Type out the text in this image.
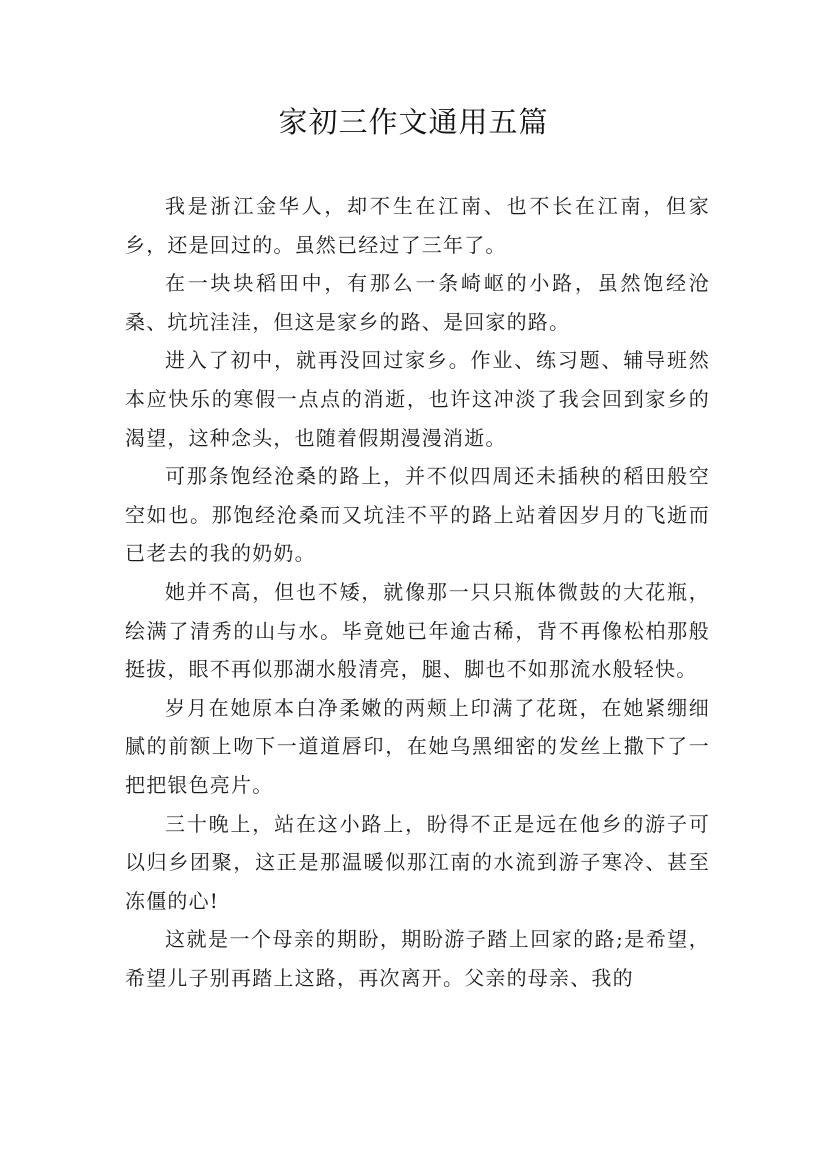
家初三作文通用五篇

我是浙江金华人，却不生在江南、也不长在江南，但家乡，还是回过的。虽然已经过了三年了。

在一块块稻田中，有那么一条崎岖的小路，虽然饱经沧桑、坑坑洼洼，但这是家乡的路、是回家的路。

进入了初中，就再没回过家乡。作业、练习题、辅导班然本应快乐的寒假一点点的消逝，也许这冲淡了我会回到家乡的渴望，这种念头，也随着假期漫漫消逝。

可那条饱经沧桑的路上，并不似四周还未插秧的稻田般空空如也。那饱经沧桑而又坑洼不平的路上站着因岁月的飞逝而已老去的我的奶奶。

她并不高，但也不矮，就像那一只只瓶体微鼓的大花瓶，绘满了清秀的山与水。毕竟她已年逾古稀，背不再像松柏那般挺拔，眼不再似那湖水般清亮，腿、脚也不如那流水般轻快。

岁月在她原本白净柔嫩的两颊上印满了花斑，在她紧绷细腻的前额上吻下一道道唇印，在她乌黑细密的发丝上撒下了一把把银色亮片。

三十晚上，站在这小路上，盼得不正是远在他乡的游子可以归乡团聚，这正是那温暖似那江南的水流到游子寒冷、甚至冻僵的心!

这就是一个母亲的期盼，期盼游子踏上回家的路;是希望，希望儿子别再踏上这路，再次离开。父亲的母亲、我的
